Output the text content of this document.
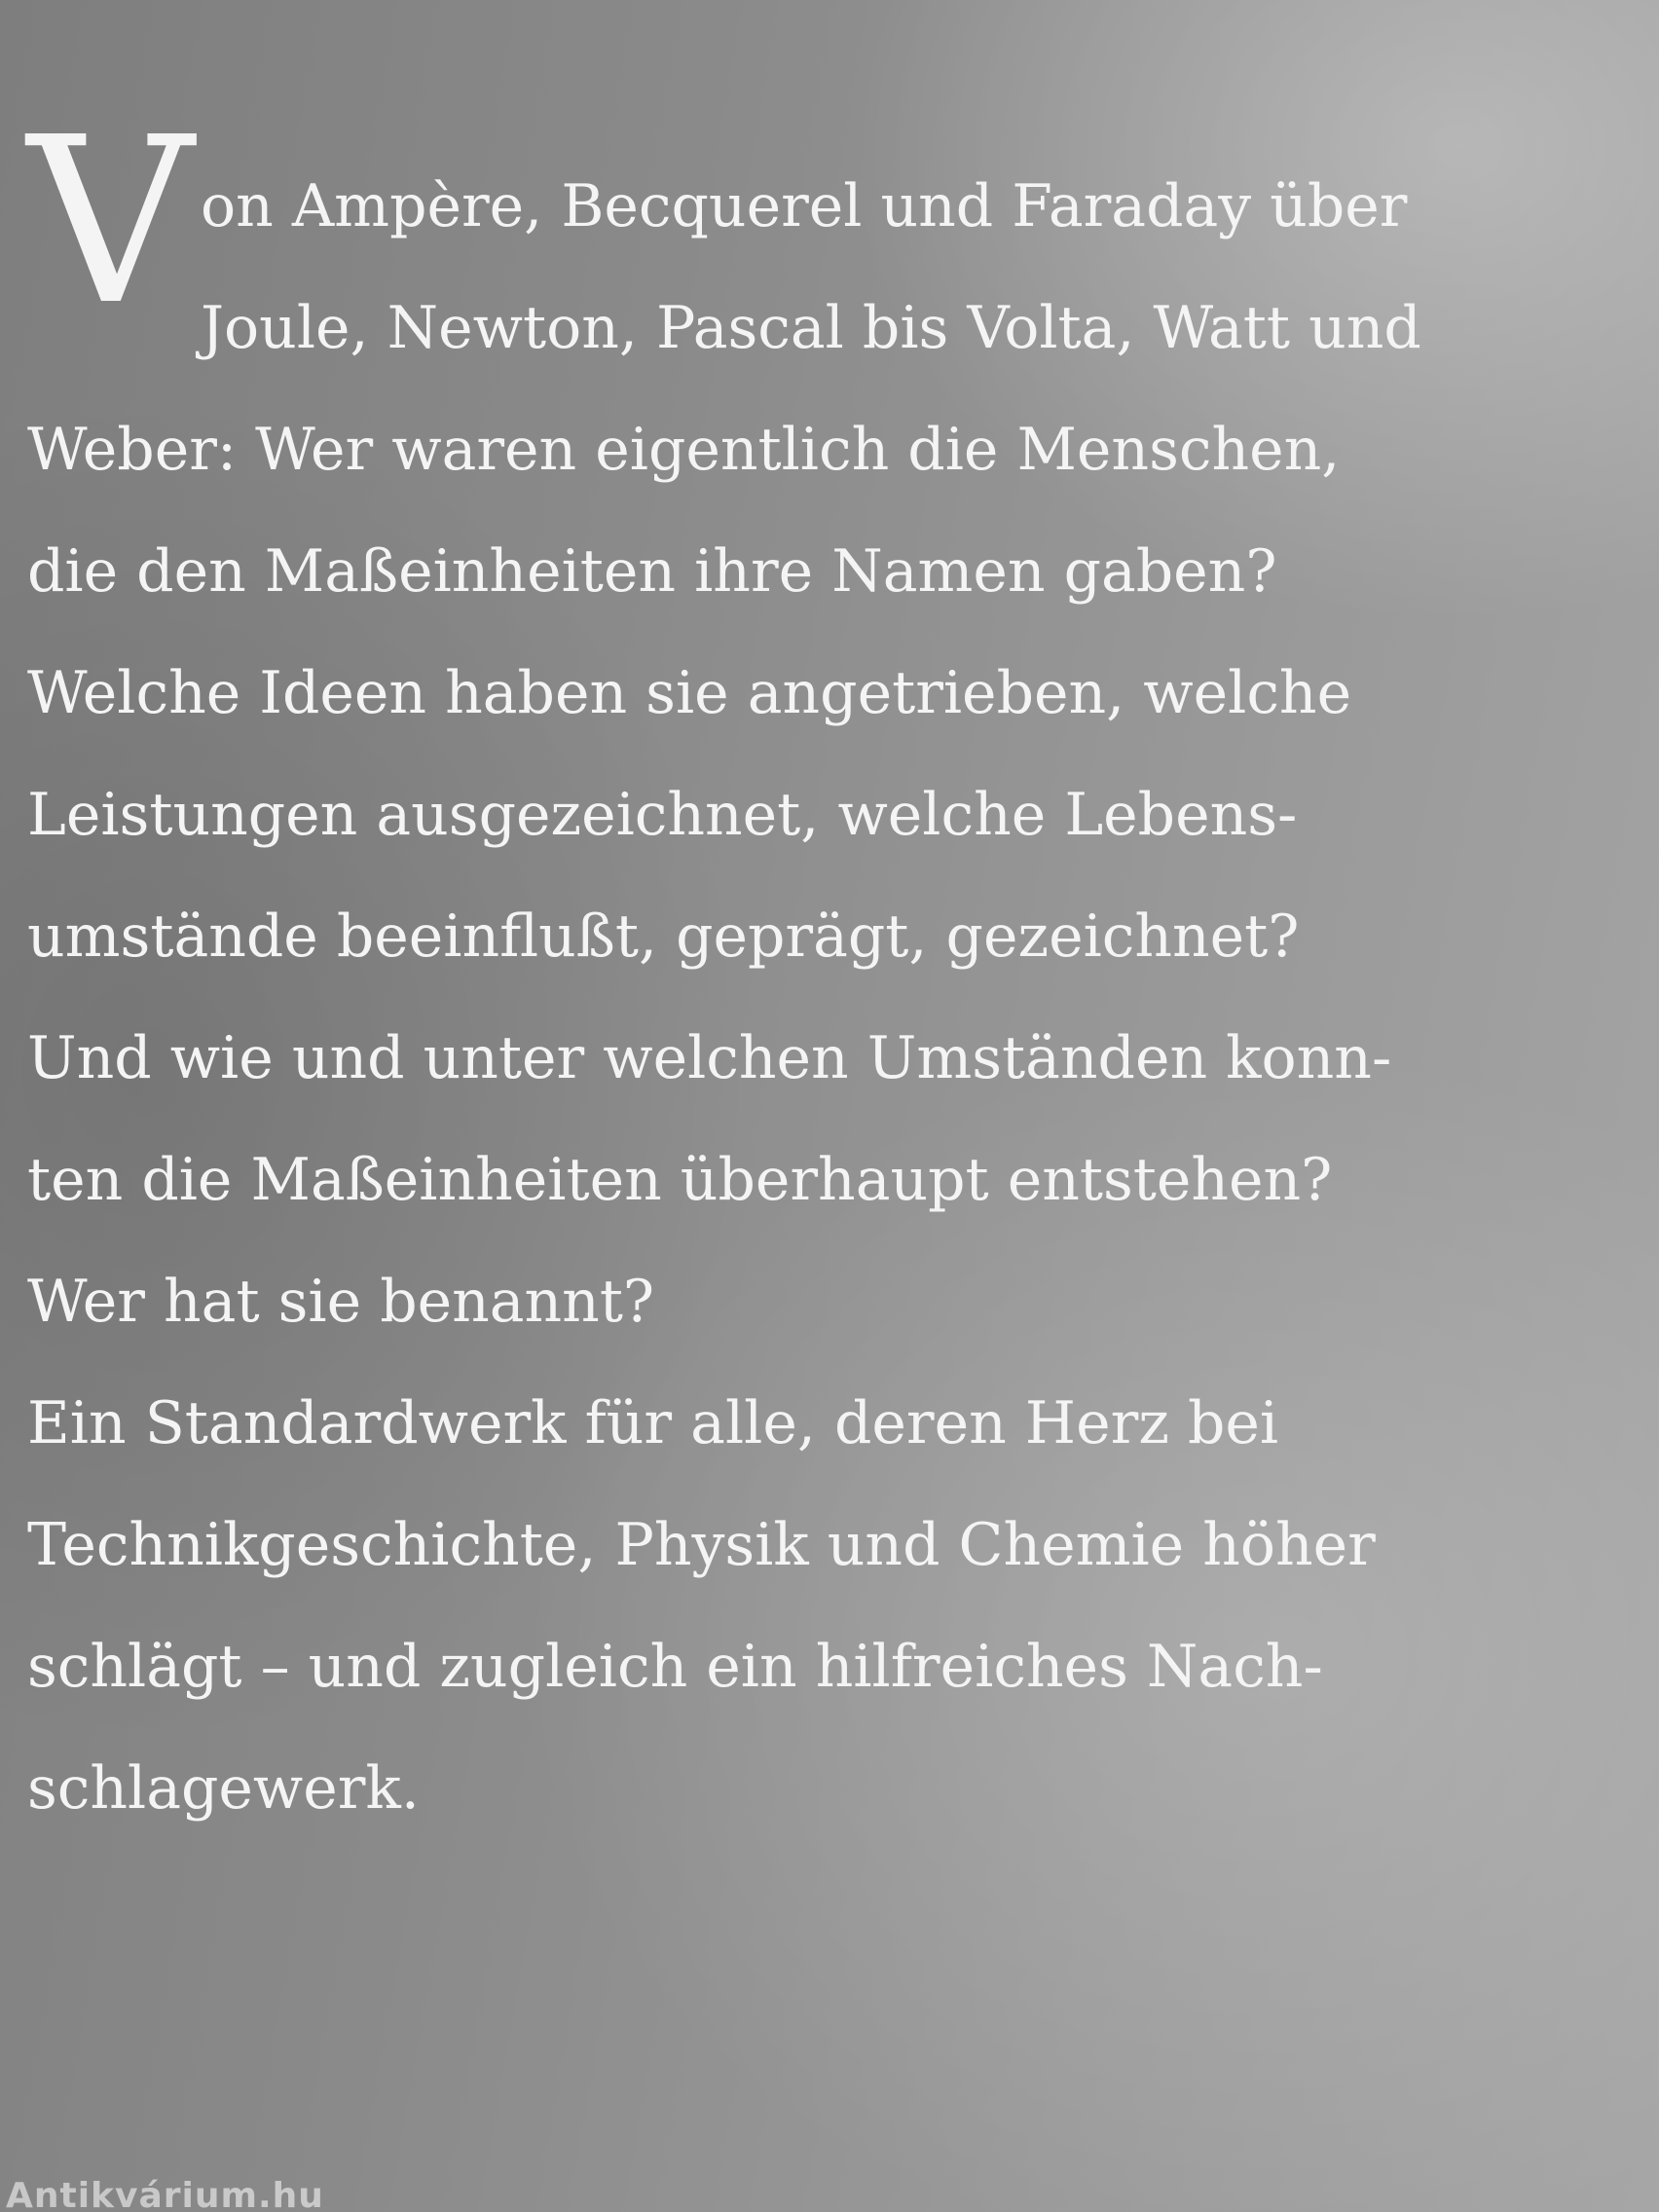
V on Ampère, Becquerel und Faraday über
Joule, Newton, Pascal bis Volta, Watt und
Weber: Wer waren eigentlich die Menschen,
die den Maßeinheiten ihre Namen gaben?
Welche Ideen haben sie angetrieben, welche
Leistungen ausgezeichnet, welche Lebens-
umstände beeinflußt, geprägt, gezeichnet?
Und wie und unter welchen Umständen konn-
ten die Maßeinheiten überhaupt entstehen?
Wer hat sie benannt?
Ein Standardwerk für alle, deren Herz bei
Technikgeschichte, Physik und Chemie höher
schlägt – und zugleich ein hilfreiches Nach-
schlagewerk.
Antikvárium.hu
